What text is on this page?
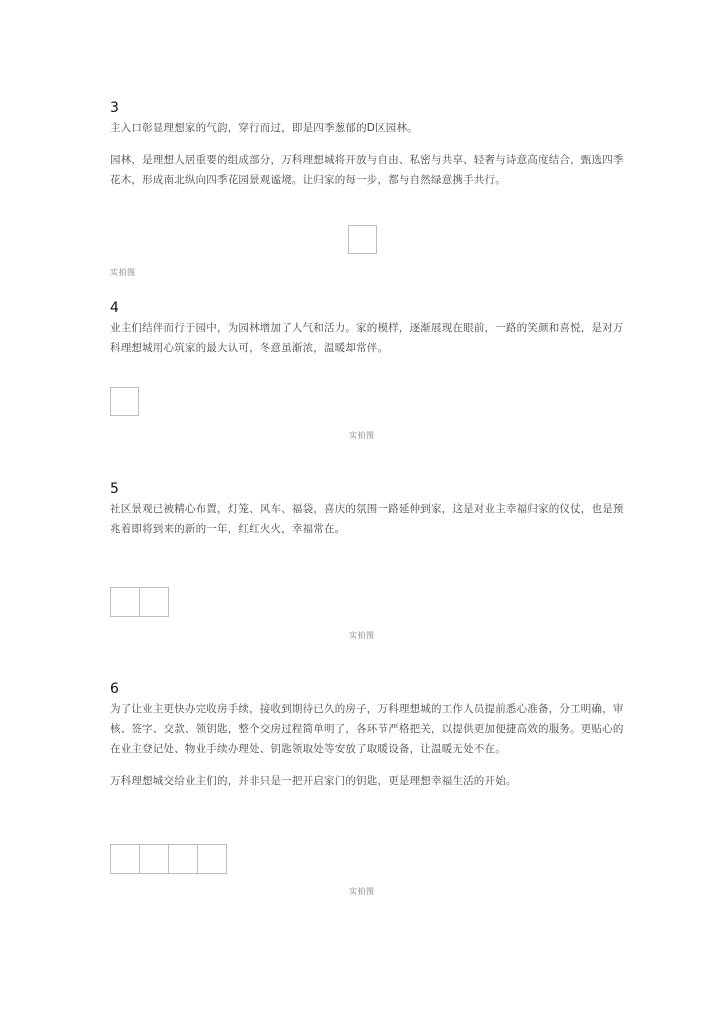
3

主入口彰显理想家的气韵，穿行而过，即是四季葱郁的D区园林。

园林，是理想人居重要的组成部分，万科理想城将开放与自由、私密与共享、轻奢与诗意高度结合，甄选四季花木，形成南北纵向四季花园景观谧境。让归家的每一步，都与自然绿意携手共行。

实拍图

4

业主们结伴而行于园中，为园林增加了人气和活力。家的模样，逐渐展现在眼前，一路的笑颜和喜悦，是对万科理想城用心筑家的最大认可，冬意虽渐浓，温暖却常伴。

实拍图

5

社区景观已被精心布置，灯笼、风车、福袋，喜庆的氛围一路延伸到家，这是对业主幸福归家的仪仗，也是预兆着即将到来的新的一年，红红火火，幸福常在。

实拍图

6

为了让业主更快办完收房手续，接收到期待已久的房子，万科理想城的工作人员提前悉心准备，分工明确，审核、签字、交款、领钥匙，整个交房过程简单明了，各环节严格把关，以提供更加便捷高效的服务。更贴心的在业主登记处、物业手续办理处、钥匙领取处等安放了取暖设备，让温暖无处不在。

万科理想城交给业主们的，并非只是一把开启家门的钥匙，更是理想幸福生活的开始。

实拍图
